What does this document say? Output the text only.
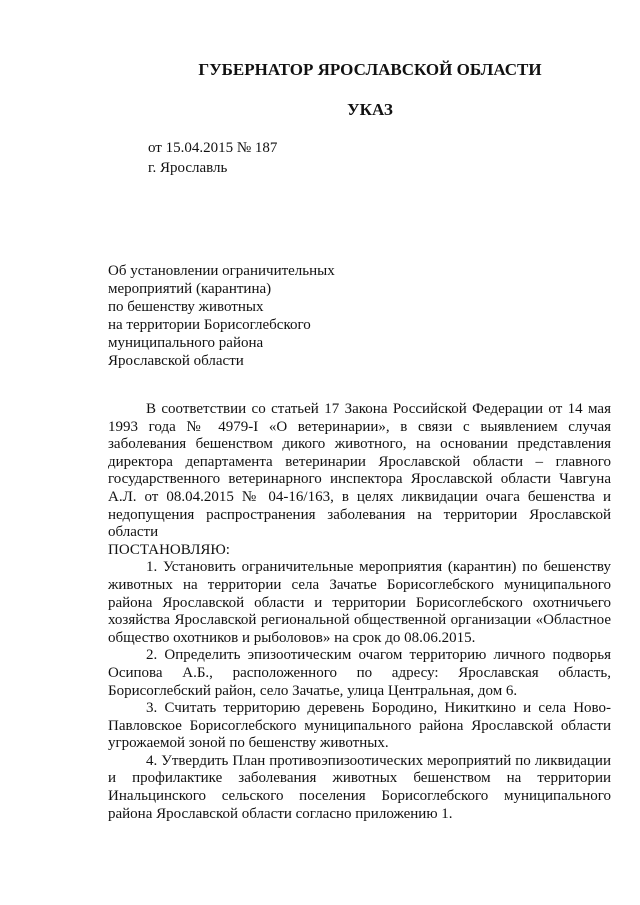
ГУБЕРНАТОР ЯРОСЛАВСКОЙ ОБЛАСТИ
УКАЗ
от 15.04.2015 № 187
г. Ярославль
Об установлении ограничительных
мероприятий (карантина)
по бешенству животных
на территории Борисоглебского
муниципального района
Ярославской области

В соответствии со статьей 17 Закона Российской Федерации от 14 мая 1993 года № 4979-I «О ветеринарии», в связи с выявлением случая заболевания бешенством дикого животного, на основании представления директора департамента ветеринарии Ярославской области – главного государственного ветеринарного инспектора Ярославской области Чавгуна А.Л. от 08.04.2015 № 04-16/163, в целях ликвидации очага бешенства и недопущения распространения заболевания на территории Ярославской области

ПОСТАНОВЛЯЮ:

1. Установить ограничительные мероприятия (карантин) по бешенству животных на территории села Зачатье Борисоглебского муниципального района Ярославской области и территории Борисоглебского охотничьего хозяйства Ярославской региональной общественной организации «Областное общество охотников и рыболовов» на срок до 08.06.2015.

2. Определить эпизоотическим очагом территорию личного подворья Осипова А.Б., расположенного по адресу: Ярославская область, Борисоглебский район, село Зачатье, улица Центральная, дом 6.

3. Считать территорию деревень Бородино, Никиткино и села Ново-Павловское Борисоглебского муниципального района Ярославской области угрожаемой зоной по бешенству животных.

4. Утвердить План противоэпизоотических мероприятий по ликвидации и профилактике заболевания животных бешенством на территории Инальцинского сельского поселения Борисоглебского муниципального района Ярославской области согласно приложению 1.
